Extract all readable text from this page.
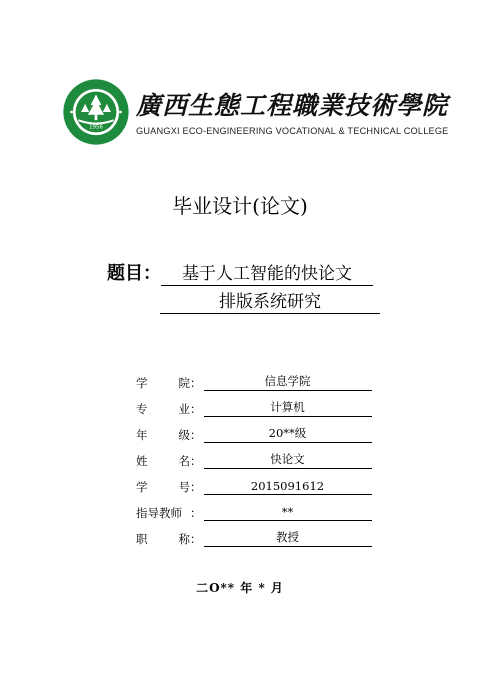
1956
廣西生態工程職業技術學院
GUANGXI ECO-ENGINEERING VOCATIONAL & TECHNICAL COLLEGE
毕业设计(论文)
题目： 基于人工智能的快论文
排版系统研究
学	院 ：	信息学院
专	业 ：	计算机
年	级 ：	20**级
姓	名 ：	快论文
学	号 ：	2015091612
指导教师 ：	**
职	称 ：	教授
二O** 年 * 月
